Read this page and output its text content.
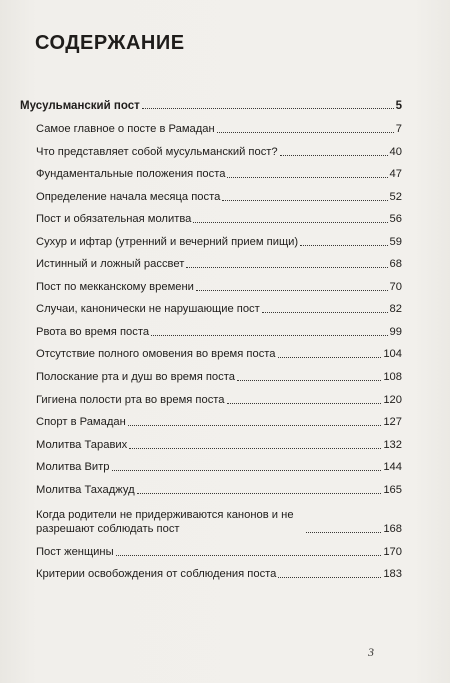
СОДЕРЖАНИЕ
Мусульманский пост	5
Самое главное о посте в Рамадан	7
Что представляет собой мусульманский пост?	40
Фундаментальные положения поста	47
Определение начала месяца поста	52
Пост и обязательная молитва	56
Сухур и ифтар (утренний и вечерний прием пищи)	59
Истинный и ложный рассвет	68
Пост по мекканскому времени	70
Случаи, канонически не нарушающие пост	82
Рвота во время поста	99
Отсутствие полного омовения во время поста	104
Полоскание рта и душ во время поста	108
Гигиена полости рта во время поста	120
Спорт в Рамадан	127
Молитва Таравих	132
Молитва Витр	144
Молитва Тахаджуд	165
Когда родители не придерживаются канонов и не разрешают соблюдать пост	168
Пост женщины	170
Критерии освобождения от соблюдения поста	183
3
